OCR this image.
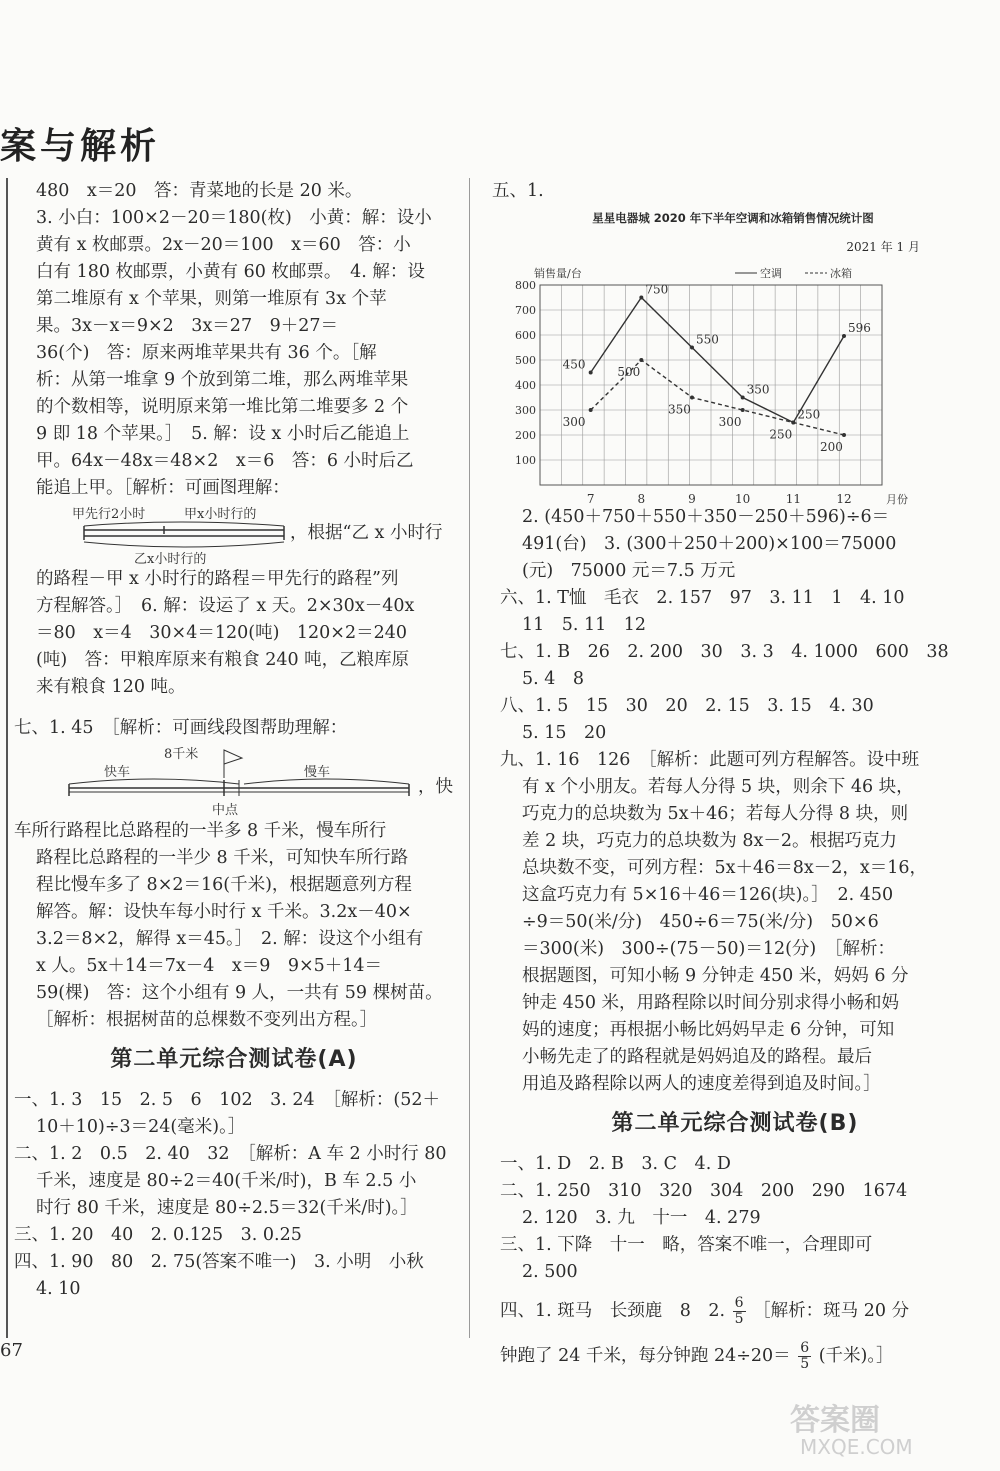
案与解析

480　x＝20　答：青菜地的长是 20 米。

3. 小白：100×2－20＝180(枚)　小黄：解：设小

黄有 x 枚邮票。2x－20＝100　x＝60　答：小

白有 180 枚邮票，小黄有 60 枚邮票。　4. 解：设

第二堆原有 x 个苹果，则第一堆原有 3x 个苹

果。3x－x＝9×2　3x＝27　9＋27＝

36(个)　答：原来两堆苹果共有 36 个。［解

析：从第一堆拿 9 个放到第二堆，那么两堆苹果

的个数相等，说明原来第一堆比第二堆要多 2 个

9 即 18 个苹果。］　5. 解：设 x 小时后乙能追上

甲。64x－48x＝48×2　x＝6　答：6 小时后乙

能追上甲。［解析：可画图理解：

甲先行2小时	甲x小时行的
乙x小时行的
，根据“乙 x 小时行

的路程－甲 x 小时行的路程＝甲先行的路程”列

方程解答。］　6. 解：设运了 x 天。2×30x－40x

＝80　x＝4　30×4＝120(吨)　120×2＝240

(吨)　答：甲粮库原来有粮食 240 吨，乙粮库原

来有粮食 120 吨。

七、1. 45　［解析：可画线段图帮助理解：

8千米
快车	慢车
中点
，快

车所行路程比总路程的一半多 8 千米，慢车所行

路程比总路程的一半少 8 千米，可知快车所行路

程比慢车多了 8×2＝16(千米)，根据题意列方程

解答。解：设快车每小时行 x 千米。3.2x－40×

3.2＝8×2，解得 x＝45。］　2. 解：设这个小组有

x 人。5x＋14＝7x－4　x＝9　9×5＋14＝

59(棵)　答：这个小组有 9 人，一共有 59 棵树苗。

［解析：根据树苗的总棵数不变列出方程。］

第二单元综合测试卷(A)

一、1. 3　15　2. 5　6　102　3. 24　［解析：(52＋

10＋10)÷3＝24(毫米)。］

二、1. 2　0.5　2. 40　32　［解析：A 车 2 小时行 80

千米，速度是 80÷2＝40(千米/时)，B 车 2.5 小

时行 80 千米，速度是 80÷2.5＝32(千米/时)。］

三、1. 20　40　2. 0.125　3. 0.25

四、1. 90　80　2. 75(答案不唯一)　3. 小明　小秋

4. 10

五、1.

星星电器城 2020 年下半年空调和冰箱销售情况统计图
2021 年 1 月
销售量/台	空调	冰箱
100
200
300
400
500
600
700
800
7	8	9	10	11	12	月份
450
750
550
350
250
596
300
500
350
300
250
200

2. (450＋750＋550＋350－250＋596)÷6＝

491(台)　3. (300＋250＋200)×100＝75000

(元)　75000 元＝7.5 万元

六、1. T恤　毛衣　2. 157　97　3. 11　1　4. 10

11　5. 11　12

七、1. B　26　2. 200　30　3. 3　4. 1000　600　38

5. 4　8

八、1. 5　15　30　20　2. 15　3. 15　4. 30

5. 15　20

九、1. 16　126　［解析：此题可列方程解答。设中班

有 x 个小朋友。若每人分得 5 块，则余下 46 块，

巧克力的总块数为 5x＋46；若每人分得 8 块，则

差 2 块，巧克力的总块数为 8x－2。根据巧克力

总块数不变，可列方程：5x＋46＝8x－2，x＝16，

这盒巧克力有 5×16＋46＝126(块)。］　2. 450

÷9＝50(米/分)　450÷6＝75(米/分)　50×6

＝300(米)　300÷(75－50)＝12(分)　［解析：

根据题图，可知小畅 9 分钟走 450 米，妈妈 6 分

钟走 450 米，用路程除以时间分别求得小畅和妈

妈的速度；再根据小畅比妈妈早走 6 分钟，可知

小畅先走了的路程就是妈妈追及的路程。最后

用追及路程除以两人的速度差得到追及时间。］

第二单元综合测试卷(B)

一、1. D　2. B　3. C　4. D

二、1. 250　310　320　304　200　290　1674

2. 120　3. 九　十一　4. 279

三、1. 下降　十一　略，答案不唯一，合理即可

2. 500

四、1. 斑马　长颈鹿　8　2. $\frac{6}{5}$ ［解析：斑马 20 分

钟跑了 24 千米，每分钟跑 $24\div 20= \frac{6}{5}$ (千米)。］

67
答案圈
MXQE.COM
